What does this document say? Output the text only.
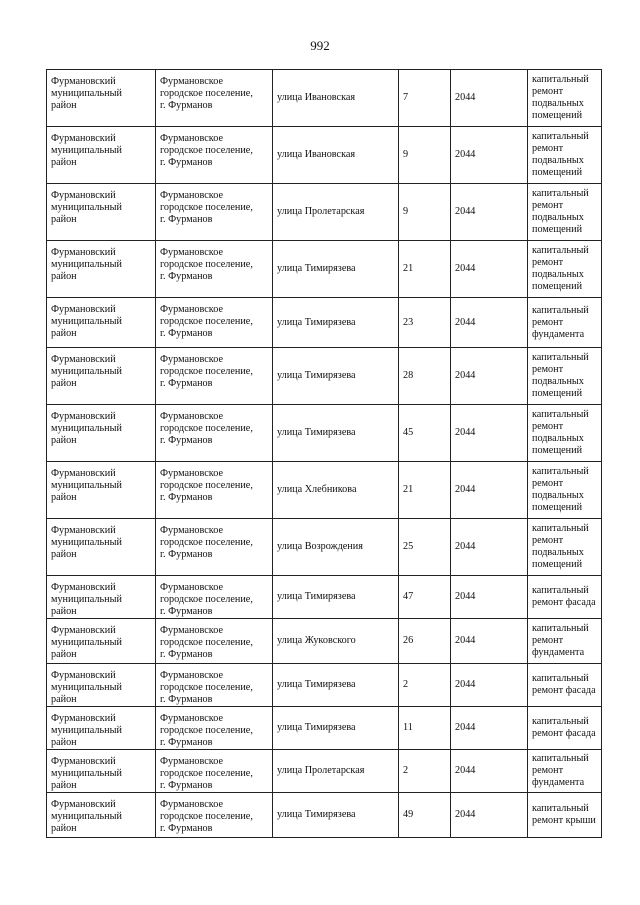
992
Фурмановский
муниципальный
район	Фурмановское
городское поселение,
г. Фурманов	улица Ивановская	7	2044	капитальный
ремонт
подвальных
помещений

Фурмановский
муниципальный
район	Фурмановское
городское поселение,
г. Фурманов	улица Ивановская	9	2044	капитальный
ремонт
подвальных
помещений

Фурмановский
муниципальный
район	Фурмановское
городское поселение,
г. Фурманов	улица Пролетарская	9	2044	капитальный
ремонт
подвальных
помещений

Фурмановский
муниципальный
район	Фурмановское
городское поселение,
г. Фурманов	улица Тимирязева	21	2044	капитальный
ремонт
подвальных
помещений

Фурмановский
муниципальный
район	Фурмановское
городское поселение,
г. Фурманов	улица Тимирязева	23	2044	капитальный
ремонт
фундамента

Фурмановский
муниципальный
район	Фурмановское
городское поселение,
г. Фурманов	улица Тимирязева	28	2044	капитальный
ремонт
подвальных
помещений

Фурмановский
муниципальный
район	Фурмановское
городское поселение,
г. Фурманов	улица Тимирязева	45	2044	капитальный
ремонт
подвальных
помещений

Фурмановский
муниципальный
район	Фурмановское
городское поселение,
г. Фурманов	улица Хлебникова	21	2044	капитальный
ремонт
подвальных
помещений

Фурмановский
муниципальный
район	Фурмановское
городское поселение,
г. Фурманов	улица Возрождения	25	2044	капитальный
ремонт
подвальных
помещений

Фурмановский
муниципальный
район	Фурмановское
городское поселение,
г. Фурманов	улица Тимирязева	47	2044	капитальный
ремонт фасада

Фурмановский
муниципальный
район	Фурмановское
городское поселение,
г. Фурманов	улица Жуковского	26	2044	капитальный
ремонт
фундамента

Фурмановский
муниципальный
район	Фурмановское
городское поселение,
г. Фурманов	улица Тимирязева	2	2044	капитальный
ремонт фасада

Фурмановский
муниципальный
район	Фурмановское
городское поселение,
г. Фурманов	улица Тимирязева	11	2044	капитальный
ремонт фасада

Фурмановский
муниципальный
район	Фурмановское
городское поселение,
г. Фурманов	улица Пролетарская	2	2044	капитальный
ремонт
фундамента

Фурмановский
муниципальный
район	Фурмановское
городское поселение,
г. Фурманов	улица Тимирязева	49	2044	капитальный
ремонт крыши
